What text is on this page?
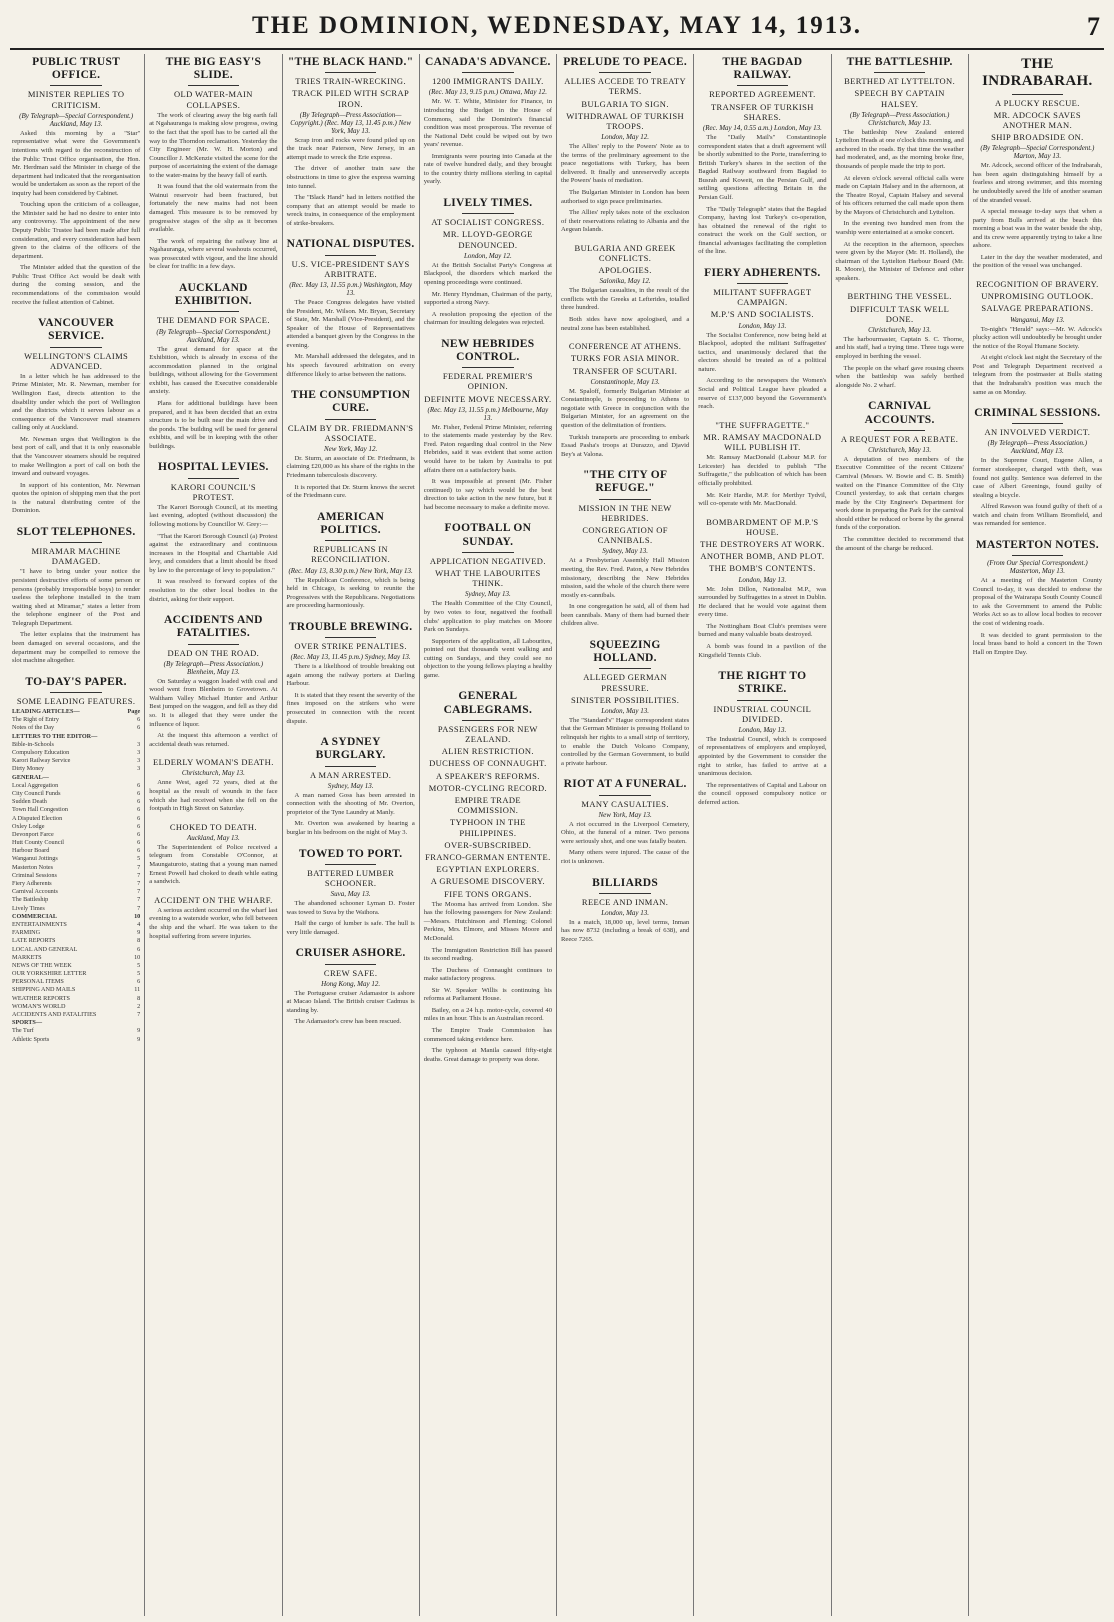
THE DOMINION, WEDNESDAY, MAY 14, 1913.	7
PUBLIC TRUST OFFICE.
MINISTER REPLIES TO CRITICISM.
(By Telegraph—Special Correspondent.) Auckland, May 13.

Asked this morning by a "Star" representative what were the Government's intentions with regard to the reconstruction of the Public Trust Office organisation, the Hon. Mr. Herdman said the Minister in charge of the department had indicated that the reorganisation would be undertaken as soon as the report of the inquiry had been considered by Cabinet.

Touching upon the criticism of a colleague, the Minister said he had no desire to enter into any controversy. The appointment of the new Deputy Public Trustee had been made after full consideration, and every consideration had been given to the claims of the officers of the department.

The Minister added that the question of the Public Trust Office Act would be dealt with during the coming session, and the recommendations of the commission would receive the fullest attention of Cabinet.

VANCOUVER SERVICE.
WELLINGTON'S CLAIMS ADVANCED.

In a letter which he has addressed to the Prime Minister, Mr. R. Newman, member for Wellington East, directs attention to the disability under which the port of Wellington and the districts which it serves labour as a consequence of the Vancouver mail steamers calling only at Auckland.

Mr. Newman urges that Wellington is the best port of call, and that it is only reasonable that the Vancouver steamers should be required to make Wellington a port of call on both the inward and outward voyages.

In support of his contention, Mr. Newman quotes the opinion of shipping men that the port is the natural distributing centre of the Dominion.

SLOT TELEPHONES.
MIRAMAR MACHINE DAMAGED.

"I have to bring under your notice the persistent destructive efforts of some person or persons (probably irresponsible boys) to render useless the telephone installed in the tram waiting shed at Miramar," states a letter from the telephone engineer of the Post and Telegraph Department.

The letter explains that the instrument has been damaged on several occasions, and the department may be compelled to remove the slot machine altogether.

TO-DAY'S PAPER.
SOME LEADING FEATURES.
LEADING ARTICLES—	Page
The Right of Entry	6
Notes of the Day	6
LETTERS TO THE EDITOR—
Bible-in-Schools	3
Compulsory Education	3
Karori Railway Service	3
Dirty Money	3
GENERAL—
Local Aggregation	6
City Council Funds	6
Sudden Death	6
Town Hall Congestion	6
A Disputed Election	6
Oxley Lodge	6
Devonport Farce	6
Hutt County Council	6
Harbour Board	6
Wanganui Jottings	5
Masterton Notes	7
Criminal Sessions	7
Fiery Adherents	7
Carnival Accounts	7
The Battleship	7
Lively Times	7
COMMERCIAL	10
ENTERTAINMENTS	4
FARMING	9
LATE REPORTS	8
LOCAL AND GENERAL	6
MARKETS	10
NEWS OF THE WEEK	5
OUR YORKSHIRE LETTER	5
PERSONAL ITEMS	6
SHIPPING AND MAILS	11
WEATHER REPORTS	8
WOMAN'S WORLD	2
ACCIDENTS AND FATALITIES	7
SPORTS—
The Turf	9
Athletic Sports	9
THE BIG EASY'S SLIDE.
OLD WATER-MAIN COLLAPSES.

The work of clearing away the big earth fall at Ngahauranga is making slow progress, owing to the fact that the spoil has to be carted all the way to the Thorndon reclamation. Yesterday the City Engineer (Mr. W. H. Morton) and Councillor J. McKenzie visited the scene for the purpose of ascertaining the extent of the damage to the water-mains by the heavy fall of earth.

It was found that the old watermain from the Wainui reservoir had been fractured, but fortunately the new mains had not been damaged. This measure is to be removed by progressive stages of the slip as it becomes available.

The work of repairing the railway line at Ngahauranga, where several washouts occurred, was prosecuted with vigour, and the line should be clear for traffic in a few days.

AUCKLAND EXHIBITION.
THE DEMAND FOR SPACE.
(By Telegraph—Special Correspondent.) Auckland, May 13.

The great demand for space at the Exhibition, which is already in excess of the accommodation planned in the original buildings, without allowing for the Government exhibit, has caused the Executive considerable anxiety.

Plans for additional buildings have been prepared, and it has been decided that an extra structure is to be built near the main drive and the ponds. The building will be used for general exhibits, and will be in keeping with the other buildings.

HOSPITAL LEVIES.
KARORI COUNCIL'S PROTEST.

The Karori Borough Council, at its meeting last evening, adopted (without discussion) the following motions by Councillor W. Grey:—

"That the Karori Borough Council (a) Protest against the extraordinary and continuous increases in the Hospital and Charitable Aid levy, and considers that a limit should be fixed by law to the percentage of levy to population."

It was resolved to forward copies of the resolution to the other local bodies in the district, asking for their support.

ACCIDENTS AND FATALITIES.
DEAD ON THE ROAD.
(By Telegraph—Press Association.) Blenheim, May 13.

On Saturday a waggon loaded with coal and wood went from Blenheim to Grovetown. At Waltham Valley Michael Hunter and Arthur Best jumped on the waggon, and fell as they did so. It is alleged that they were under the influence of liquor.

At the inquest this afternoon a verdict of accidental death was returned.

ELDERLY WOMAN'S DEATH.
Christchurch, May 13.

Anne West, aged 72 years, died at the hospital as the result of wounds in the face which she had received when she fell on the footpath in High Street on Saturday.

CHOKED TO DEATH.
Auckland, May 13.

The Superintendent of Police received a telegram from Constable O'Connor, at Maungaturoto, stating that a young man named Ernest Powell had choked to death while eating a sandwich.

ACCIDENT ON THE WHARF.

A serious accident occurred on the wharf last evening to a waterside worker, who fell between the ship and the wharf. He was taken to the hospital suffering from severe injuries.

"THE BLACK HAND."
TRIES TRAIN-WRECKING.
TRACK PILED WITH SCRAP IRON.
(By Telegraph—Press Association—Copyright.) (Rec. May 13, 11.45 p.m.) New York, May 13.

Scrap iron and rocks were found piled up on the track near Paterson, New Jersey, in an attempt made to wreck the Erie express.

The driver of another train saw the obstructions in time to give the express warning into tunnel.

The "Black Hand" had in letters notified the company that an attempt would be made to wreck trains, in consequence of the employment of strike-breakers.

NATIONAL DISPUTES.
U.S. VICE-PRESIDENT SAYS ARBITRATE.
(Rec. May 13, 11.55 p.m.) Washington, May 13.

The Peace Congress delegates have visited the President, Mr. Wilson. Mr. Bryan, Secretary of State, Mr. Marshall (Vice-President), and the Speaker of the House of Representatives attended a banquet given by the Congress in the evening.

Mr. Marshall addressed the delegates, and in his speech favoured arbitration on every difference likely to arise between the nations.

THE CONSUMPTION CURE.
CLAIM BY DR. FRIEDMANN'S ASSOCIATE.
New York, May 12.

Dr. Sturm, an associate of Dr. Friedmann, is claiming £20,000 as his share of the rights in the Friedmann tuberculosis discovery.

It is reported that Dr. Sturm knows the secret of the Friedmann cure.

AMERICAN POLITICS.
REPUBLICANS IN RECONCILIATION.
(Rec. May 13, 8.30 p.m.) New York, May 13.

The Republican Conference, which is being held in Chicago, is seeking to reunite the Progressives with the Republicans. Negotiations are proceeding harmoniously.

TROUBLE BREWING.
OVER STRIKE PENALTIES.
(Rec. May 13, 11.45 p.m.) Sydney, May 13.

There is a likelihood of trouble breaking out again among the railway porters at Darling Harbour.

It is stated that they resent the severity of the fines imposed on the strikers who were prosecuted in connection with the recent dispute.

A SYDNEY BURGLARY.
A MAN ARRESTED.
Sydney, May 13.

A man named Goss has been arrested in connection with the shooting of Mr. Overton, proprietor of the Tyne Laundry at Manly.

Mr. Overton was awakened by hearing a burglar in his bedroom on the night of May 3.

TOWED TO PORT.
BATTERED LUMBER SCHOONER.
Suva, May 13.

The abandoned schooner Lyman D. Foster was towed to Suva by the Waihora.

Half the cargo of lumber is safe. The hull is very little damaged.

CRUISER ASHORE.
CREW SAFE.
Hong Kong, May 12.

The Portuguese cruiser Adamastor is ashore at Macao Island. The British cruiser Cadmus is standing by.

The Adamastor's crew has been rescued.

CANADA'S ADVANCE.
1200 IMMIGRANTS DAILY.
(Rec. May 13, 9.15 p.m.) Ottawa, May 12.

Mr. W. T. White, Minister for Finance, in introducing the Budget in the House of Commons, said the Dominion's financial condition was most prosperous. The revenue of the National Debt could be wiped out by two years' revenue.

Immigrants were pouring into Canada at the rate of twelve hundred daily, and they brought to the country thirty millions sterling in capital yearly.

LIVELY TIMES.
AT SOCIALIST CONGRESS.
MR. LLOYD-GEORGE DENOUNCED.
London, May 12.

At the British Socialist Party's Congress at Blackpool, the disorders which marked the opening proceedings were continued.

Mr. Henry Hyndman, Chairman of the party, supported a strong Navy.

A resolution proposing the ejection of the chairman for insulting delegates was rejected.

NEW HEBRIDES CONTROL.
FEDERAL PREMIER'S OPINION.
DEFINITE MOVE NECESSARY.
(Rec. May 13, 11.55 p.m.) Melbourne, May 13.

Mr. Fisher, Federal Prime Minister, referring to the statements made yesterday by the Rev. Fred. Paton regarding dual control in the New Hebrides, said it was evident that some action would have to be taken by Australia to put affairs there on a satisfactory basis.

It was impossible at present (Mr. Fisher continued) to say which would be the best direction to take action in the new future, but it had become necessary to make a definite move.

FOOTBALL ON SUNDAY.
APPLICATION NEGATIVED.
WHAT THE LABOURITES THINK.
Sydney, May 13.

The Health Committee of the City Council, by two votes to four, negatived the football clubs' application to play matches on Moore Park on Sundays.

Supporters of the application, all Labourites, pointed out that thousands went walking and cutting on Sundays, and they could see no objection to the young fellows playing a healthy game.

GENERAL CABLEGRAMS.
PASSENGERS FOR NEW ZEALAND.
ALIEN RESTRICTION.
DUCHESS OF CONNAUGHT.
A SPEAKER'S REFORMS.
MOTOR-CYCLING RECORD.
EMPIRE TRADE COMMISSION.
TYPHOON IN THE PHILIPPINES.
OVER-SUBSCRIBED.
FRANCO-GERMAN ENTENTE.
EGYPTIAN EXPLORERS.
A GRUESOME DISCOVERY.
FIFE TONS ORGANS.

The Mooma has arrived from London. She has the following passengers for New Zealand:—Messrs. Hutchinson and Fleming; Colonel Perkins, Mrs. Elmore, and Misses Moore and McDonald.

The Immigration Restriction Bill has passed its second reading.

The Duchess of Connaught continues to make satisfactory progress.

Sir W. Speaker Willis is continuing his reforms at Parliament House.

Bailey, on a 24 h.p. motor-cycle, covered 40 miles in an hour. This is an Australian record.

The Empire Trade Commission has commenced taking evidence here.

The typhoon at Manila caused fifty-eight deaths. Great damage to property was done.

PRELUDE TO PEACE.
ALLIES ACCEDE TO TREATY TERMS.
BULGARIA TO SIGN.
WITHDRAWAL OF TURKISH TROOPS.
London, May 12.

The Allies' reply to the Powers' Note as to the terms of the preliminary agreement to the peace negotiations with Turkey, has been delivered. It finally and unreservedly accepts the Powers' basis of mediation.

The Bulgarian Minister in London has been authorised to sign peace preliminaries.

The Allies' reply takes note of the exclusion of their reservations relating to Albania and the Aegean Islands.

BULGARIA AND GREEK CONFLICTS.
APOLOGIES.
Salonika, May 12.

The Bulgarian casualties, in the result of the conflicts with the Greeks at Lefterides, totalled three hundred.

Both sides have now apologised, and a neutral zone has been established.

CONFERENCE AT ATHENS.
TURKS FOR ASIA MINOR.
TRANSFER OF SCUTARI.
Constantinople, May 13.

M. Spaloff, formerly Bulgarian Minister at Constantinople, is proceeding to Athens to negotiate with Greece in conjunction with the Bulgarian Minister, for an agreement on the question of the delimitation of frontiers.

Turkish transports are proceeding to embark Essad Pasha's troops at Durazzo, and Djavid Bey's at Valona.

"THE CITY OF REFUGE."
MISSION IN THE NEW HEBRIDES.
CONGREGATION OF CANNIBALS.
Sydney, May 13.

At a Presbyterian Assembly Hall Mission meeting, the Rev. Fred. Paton, a New Hebrides missionary, describing the New Hebrides mission, said the whole of the church there were mostly ex-cannibals.

In one congregation he said, all of them had been cannibals. Many of them had burned their children alive.

SQUEEZING HOLLAND.
ALLEGED GERMAN PRESSURE.
SINISTER POSSIBILITIES.
London, May 13.

The "Standard's" Hague correspondent states that the German Minister is pressing Holland to relinquish her rights to a small strip of territory, to enable the Dutch Volcano Company, controlled by the German Government, to build a private harbour.

RIOT AT A FUNERAL.
MANY CASUALTIES.
New York, May 13.

A riot occurred in the Liverpool Cemetery, Ohio, at the funeral of a miner. Two persons were seriously shot, and one was fatally beaten.

Many others were injured. The cause of the riot is unknown.

BILLIARDS
REECE AND INMAN.
London, May 13.

In a match, 18,000 up, level terms, Inman has now 8732 (including a break of 638), and Reece 7265.

THE BAGDAD RAILWAY.
REPORTED AGREEMENT.
TRANSFER OF TURKISH SHARES.
(Rec. May 14, 0.55 a.m.) London, May 13.

The "Daily Mail's" Constantinople correspondent states that a draft agreement will be shortly submitted to the Porte, transferring to British Turkey's shares in the section of the Bagdad Railway southward from Bagdad to Busrah and Koweit, on the Persian Gulf, and settling questions affecting Britain in the Persian Gulf.

The "Daily Telegraph" states that the Bagdad Company, having lost Turkey's co-operation, has obtained the renewal of the right to construct the work on the Gulf section, or financial advantages facilitating the completion of the line.

FIERY ADHERENTS.
MILITANT SUFFRAGET CAMPAIGN.
M.P.'S AND SOCIALISTS.
London, May 13.

The Socialist Conference, now being held at Blackpool, adopted the militant Suffragettes' tactics, and unanimously declared that the electors should be treated as of a political nature.

According to the newspapers the Women's Social and Political League have pleaded a reserve of £137,000 beyond the Government's reach.

"THE SUFFRAGETTE."
MR. RAMSAY MACDONALD WILL PUBLISH IT.

Mr. Ramsay MacDonald (Labour M.P. for Leicester) has decided to publish "The Suffragette," the publication of which has been officially prohibited.

Mr. Keir Hardie, M.P. for Merthyr Tydvil, will co-operate with Mr. MacDonald.

BOMBARDMENT OF M.P.'S HOUSE.
THE DESTROYERS AT WORK.
ANOTHER BOMB, AND PLOT.
THE BOMB'S CONTENTS.
London, May 13.

Mr. John Dillon, Nationalist M.P., was surrounded by Suffragettes in a street in Dublin. He declared that he would vote against them every time.

The Nottingham Boat Club's premises were burned and many valuable boats destroyed.

A bomb was found in a pavilion of the Kingsfield Tennis Club.

THE RIGHT TO STRIKE.
INDUSTRIAL COUNCIL DIVIDED.
London, May 13.

The Industrial Council, which is composed of representatives of employers and employed, appointed by the Government to consider the right to strike, has failed to arrive at a unanimous decision.

The representatives of Capital and Labour on the council opposed compulsory notice or deferred action.

THE BATTLESHIP.
BERTHED AT LYTTELTON.
SPEECH BY CAPTAIN HALSEY.
(By Telegraph—Press Association.) Christchurch, May 13.

The battleship New Zealand entered Lyttelton Heads at one o'clock this morning, and anchored in the roads. By that time the weather had moderated, and, as the morning broke fine, thousands of people made the trip to port.

At eleven o'clock several official calls were made on Captain Halsey and in the afternoon, at the Theatre Royal, Captain Halsey and several of his officers returned the call made upon them by the Mayors of Christchurch and Lyttelton.

In the evening two hundred men from the warship were entertained at a smoke concert.

At the reception in the afternoon, speeches were given by the Mayor (Mr. H. Holland), the chairman of the Lyttelton Harbour Board (Mr. R. Moore), the Minister of Defence and other speakers.

BERTHING THE VESSEL.
DIFFICULT TASK WELL DONE.
Christchurch, May 13.

The harbourmaster, Captain S. C. Thorne, and his staff, had a trying time. Three tugs were employed in berthing the vessel.

The people on the wharf gave rousing cheers when the battleship was safely berthed alongside No. 2 wharf.

CARNIVAL ACCOUNTS.
A REQUEST FOR A REBATE.
Christchurch, May 13.

A deputation of two members of the Executive Committee of the recent Citizens' Carnival (Messrs. W. Bowie and C. B. Smith) waited on the Finance Committee of the City Council yesterday, to ask that certain charges made by the City Engineer's Department for work done in preparing the Park for the carnival should either be reduced or borne by the general funds of the corporation.

The committee decided to recommend that the amount of the charge be reduced.

THE INDRABARAH.
A PLUCKY RESCUE.
MR. ADCOCK SAVES ANOTHER MAN.
SHIP BROADSIDE ON.
(By Telegraph—Special Correspondent.) Marton, May 13.

Mr. Adcock, second officer of the Indrabarah, has been again distinguishing himself by a fearless and strong swimmer, and this morning he undoubtedly saved the life of another seaman of the stranded vessel.

A special message to-day says that when a party from Bulls arrived at the beach this morning a boat was in the water beside the ship, and its crew were apparently trying to take a line ashore.

Later in the day the weather moderated, and the position of the vessel was unchanged.

RECOGNITION OF BRAVERY.
UNPROMISING OUTLOOK.
SALVAGE PREPARATIONS.
Wanganui, May 13.

To-night's "Herald" says:—Mr. W. Adcock's plucky action will undoubtedly be brought under the notice of the Royal Humane Society.

At eight o'clock last night the Secretary of the Post and Telegraph Department received a telegram from the postmaster at Bulls stating that the Indrabarah's position was much the same as on Monday.

CRIMINAL SESSIONS.
AN INVOLVED VERDICT.
(By Telegraph—Press Association.) Auckland, May 13.

In the Supreme Court, Eugene Allen, a former storekeeper, charged with theft, was found not guilty. Sentence was deferred in the case of Albert Greenings, found guilty of stealing a bicycle.

Alfred Rawson was found guilty of theft of a watch and chain from William Bromfield, and was remanded for sentence.

MASTERTON NOTES.
(From Our Special Correspondent.) Masterton, May 13.

At a meeting of the Masterton County Council to-day, it was decided to endorse the proposal of the Wairarapa South County Council to ask the Government to amend the Public Works Act so as to allow local bodies to recover the cost of widening roads.

It was decided to grant permission to the local brass band to hold a concert in the Town Hall on Empire Day.
